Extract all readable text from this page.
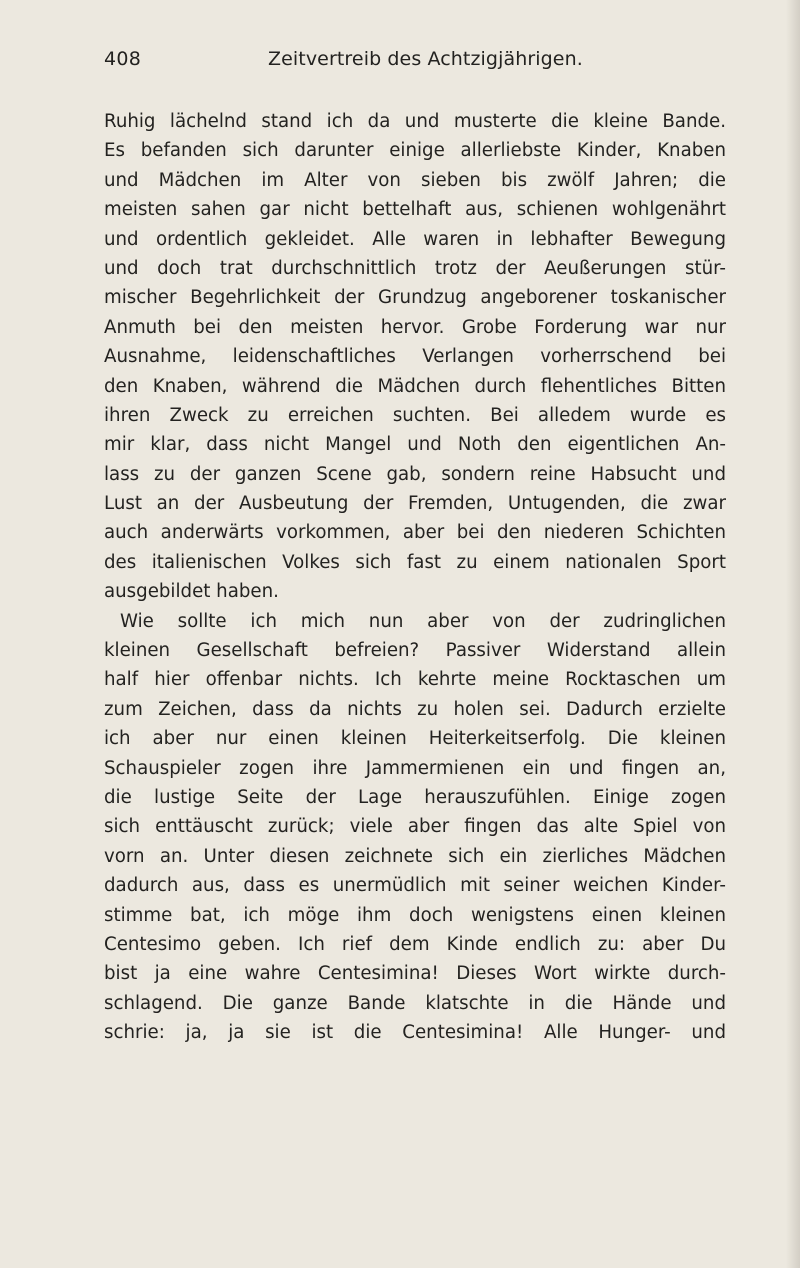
408	Zeitvertreib des Achtzigjährigen.
Ruhig lächelnd stand ich da und musterte die kleine Bande.
Es befanden sich darunter einige allerliebste Kinder, Knaben
und Mädchen im Alter von sieben bis zwölf Jahren; die
meisten sahen gar nicht bettelhaft aus, schienen wohlgenährt
und ordentlich gekleidet. Alle waren in lebhafter Bewegung
und doch trat durchschnittlich trotz der Aeußerungen stür-
mischer Begehrlichkeit der Grundzug angeborener toskanischer
Anmuth bei den meisten hervor. Grobe Forderung war nur
Ausnahme, leidenschaftliches Verlangen vorherrschend bei
den Knaben, während die Mädchen durch flehentliches Bitten
ihren Zweck zu erreichen suchten. Bei alledem wurde es
mir klar, dass nicht Mangel und Noth den eigentlichen An-
lass zu der ganzen Scene gab, sondern reine Habsucht und
Lust an der Ausbeutung der Fremden, Untugenden, die zwar
auch anderwärts vorkommen, aber bei den niederen Schichten
des italienischen Volkes sich fast zu einem nationalen Sport
ausgebildet haben.
Wie sollte ich mich nun aber von der zudringlichen
kleinen Gesellschaft befreien? Passiver Widerstand allein
half hier offenbar nichts. Ich kehrte meine Rocktaschen um
zum Zeichen, dass da nichts zu holen sei. Dadurch erzielte
ich aber nur einen kleinen Heiterkeitserfolg. Die kleinen
Schauspieler zogen ihre Jammermienen ein und fingen an,
die lustige Seite der Lage herauszufühlen. Einige zogen
sich enttäuscht zurück; viele aber fingen das alte Spiel von
vorn an. Unter diesen zeichnete sich ein zierliches Mädchen
dadurch aus, dass es unermüdlich mit seiner weichen Kinder-
stimme bat, ich möge ihm doch wenigstens einen kleinen
Centesimo geben. Ich rief dem Kinde endlich zu: aber Du
bist ja eine wahre Centesimina! Dieses Wort wirkte durch-
schlagend. Die ganze Bande klatschte in die Hände und
schrie: ja, ja sie ist die Centesimina! Alle Hunger- und
